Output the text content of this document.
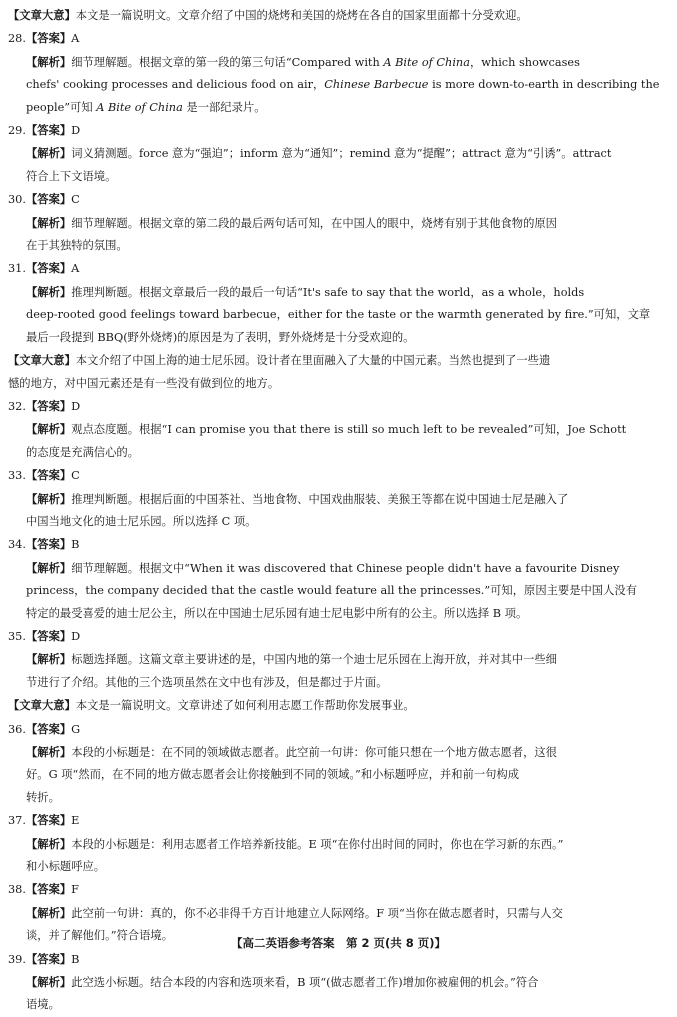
【文章大意】本文是一篇说明文。文章介绍了中国的烧烤和美国的烧烤在各自的国家里面都十分受欢迎。

28.【答案】A

【解析】细节理解题。根据文章的第一段的第三句话“Compared with A Bite of China，which showcases

chefs' cooking processes and delicious food on air，Chinese Barbecue is more down-to-earth in describing the

people”可知 A Bite of China 是一部纪录片。

29.【答案】D

【解析】词义猜测题。force 意为“强迫”；inform 意为“通知”；remind 意为“提醒”；attract 意为“引诱”。attract

符合上下文语境。

30.【答案】C

【解析】细节理解题。根据文章的第二段的最后两句话可知，在中国人的眼中，烧烤有别于其他食物的原因

在于其独特的氛围。

31.【答案】A

【解析】推理判断题。根据文章最后一段的最后一句话“It's safe to say that the world，as a whole，holds

deep-rooted good feelings toward barbecue，either for the taste or the warmth generated by fire.”可知，文章

最后一段提到 BBQ(野外烧烤)的原因是为了表明，野外烧烤是十分受欢迎的。

【文章大意】本文介绍了中国上海的迪士尼乐园。设计者在里面融入了大量的中国元素。当然也提到了一些遗

憾的地方，对中国元素还是有一些没有做到位的地方。

32.【答案】D

【解析】观点态度题。根据“I can promise you that there is still so much left to be revealed”可知，Joe Schott

的态度是充满信心的。

33.【答案】C

【解析】推理判断题。根据后面的中国茶社、当地食物、中国戏曲服装、美猴王等都在说中国迪士尼是融入了

中国当地文化的迪士尼乐园。所以选择 C 项。

34.【答案】B

【解析】细节理解题。根据文中“When it was discovered that Chinese people didn't have a favourite Disney

princess，the company decided that the castle would feature all the princesses.”可知，原因主要是中国人没有

特定的最受喜爱的迪士尼公主，所以在中国迪士尼乐园有迪士尼电影中所有的公主。所以选择 B 项。

35.【答案】D

【解析】标题选择题。这篇文章主要讲述的是，中国内地的第一个迪士尼乐园在上海开放，并对其中一些细

节进行了介绍。其他的三个选项虽然在文中也有涉及，但是都过于片面。

【文章大意】本文是一篇说明文。文章讲述了如何利用志愿工作帮助你发展事业。

36.【答案】G

【解析】本段的小标题是：在不同的领域做志愿者。此空前一句讲：你可能只想在一个地方做志愿者，这很

好。G 项“然而，在不同的地方做志愿者会让你接触到不同的领域。”和小标题呼应，并和前一句构成

转折。

37.【答案】E

【解析】本段的小标题是：利用志愿者工作培养新技能。E 项“在你付出时间的同时，你也在学习新的东西。”

和小标题呼应。

38.【答案】F

【解析】此空前一句讲：真的，你不必非得千方百计地建立人际网络。F 项“当你在做志愿者时，只需与人交

谈，并了解他们。”符合语境。

39.【答案】B

【解析】此空选小标题。结合本段的内容和选项来看，B 项“(做志愿者工作)增加你被雇佣的机会。”符合

语境。

【高二英语参考答案　第 2 页(共 8 页)】
